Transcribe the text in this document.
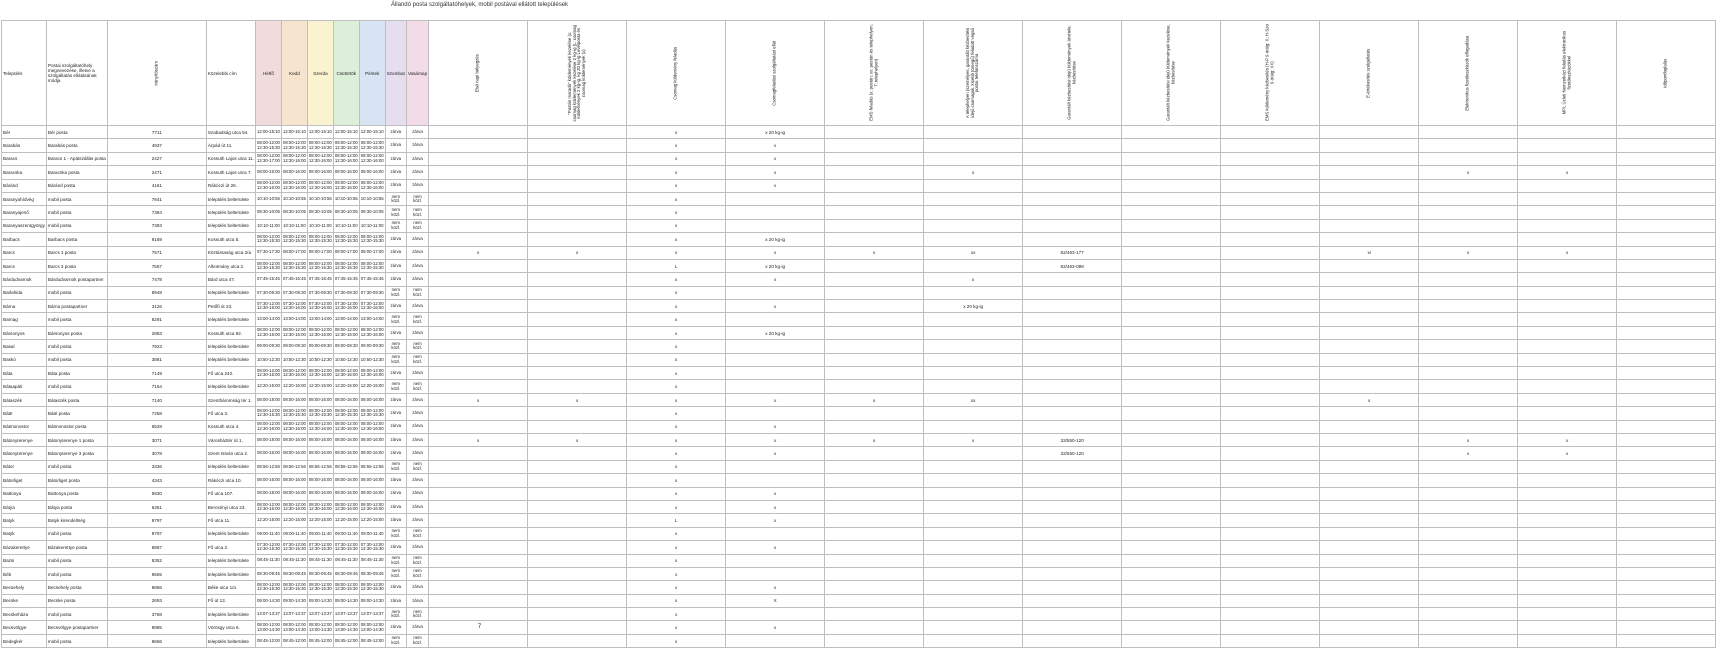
Állandó posta szolgáltatóhelyek, mobil postával ellátott települések
Település	Postai szolgáltatóhely megnevezése, illetve a szolgáltatás ellátásának módja	Irányítószám	Közelebbi cím	Hétfő	Kedd	Szerda	Csütörtök	Péntek	Szombat	Vasárnap	Első napi bélyegzés	"Postán maradó" küldemények kezelése (x: csomag küldemények kezelése 2 kg-ig (L: csomag küldemények 2 kg-ig, kg 20 kg-ig Levélposta és csomag küldemények (x)	Csomag küldemény feladás	Csomagfeladási szolgáltatást ellát	EMS feladás (x: postán; xx: postán és telephelyen; T: telephelyen)	A telephelyen (személyes, garantált kézbesítési idejű csomagok, kisebb tömegű) feladott végső postai telefonszáma	Garantált kézbesítési idejű küldemények átvétele, kézbesítése	Garantált kézbesítési idejű küldemények kezelése, kézbesítése	EMS küldemény kézbesítés (H-P 9 óráig: X; H-Szo 9 óráig: XX)	E-értékesítés szolgáltatás	Elektronikus fizetőeszközök elfogadása	MPL Üzleti Nemzetközi feladás elektronikus fizetőeszközökkel	Időpontfoglalás

Bér	Bér posta	7711	Szabadság utca 54.	12:00-15:10	12:00-15:10	12:00-15:10	12:00-15:10	12:00-15:10	zárva	zárva			x	x 20 kg-ig									
Barabás	Barabás posta	4937	Árpád út 11.	08:00-12:00
12:30-15:30	08:00-12:00
12:30-15:30	08:00-12:00
12:30-15:30	08:00-12:00
12:30-15:30	08:00-12:00
12:30-15:30	zárva	zárva			x	x									
Baracs	Baracs 1 - Apátszállás posta	2427	Kossuth Lajos utca 11.	08:00-12:00
12:30-17:00	08:00-12:00
12:30-16:00	08:00-12:00
12:30-16:00	08:00-12:00
12:30-16:00	08:00-12:00
12:30-16:00	zárva	zárva			x	x									
Baracska	Baracska posta	2471	Kossuth Lajos utca 7.	08:00-16:00	08:00-16:00	08:00-16:00	08:00-16:00	08:00-16:00	zárva	zárva			x	x		x					x	x	
Báránd	Báránd posta	4161	Rákóczi út 26.	08:00-12:00
12:30-16:00	08:00-12:00
12:30-16:00	08:00-12:00
12:30-16:00	08:00-12:00
12:30-16:00	08:00-12:00
12:30-16:00	zárva	zárva			x	x									
Baranyahídvég	mobil posta	7841	település belterülete	10:10-10:55	10:10-10:55	10:10-10:55	10:10-10:55	10:10-10:55	nem
közl.	nem
közl.			x										
Baranyajenő	mobil posta	7384	település belterülete	08:30-10:05	08:30-10:05	08:30-10:05	08:30-10:05	08:30-10:05	nem
közl.	nem
közl.			x										
Baranyaszentgyörgy	mobil posta	7383	település belterülete	10:10-11:00	10:10-11:00	10:10-11:00	10:10-11:00	10:10-11:00	nem
közl.	nem
közl.			x										
Barbacs	Barbacs posta	9169	Kossuth utca 5.	08:00-12:00
12:30-15:30	08:00-12:00
12:30-15:30	08:00-12:00
12:30-15:30	08:00-12:00
12:30-15:30	08:00-12:00
12:30-15:30	zárva	zárva			x	x 20 kg-ig									
Barcs	Barcs 1 posta	7571	Köztársaság utca 2/a	07:30-17:30	08:00-17:00	08:00-17:00	08:00-17:00	08:00-17:00	zárva	zárva	x	x	x	x	x	xx	82/463-177			xi	x	x	
Barcs	Barcs 3 posta	7557	Alkotmány utca 2.	08:00-12:00
12:30-15:30	08:00-12:00
12:30-15:30	08:00-12:00
12:30-15:30	08:00-12:00
12:30-15:30	08:00-12:00
12:30-15:30	zárva	zárva			L	x 20 kg-ig			82/463-098						
Bárdudvarnok	Bárdudvarnok postapartner	7478	Bárd utca 47.	07:45-15:45	07:45-15:45	07:45-15:45	07:45-15:45	07:45-15:45	zárva	zárva			x	x		x							
Barlahida	mobil posta	8948	település belterülete	07:30-09:30	07:30-09:30	07:30-09:30	07:30-09:30	07:30-09:30	nem
közl.	nem
közl.			x										
Bárna	Bárna postapartner	3126	Petőfi út 23.	07:30-12:00
12:30-16:00	07:30-12:00
12:30-16:00	07:30-12:00
12:30-16:00	07:30-12:00
12:30-16:00	07:30-12:00
12:30-16:00	zárva	zárva			x	x		x 20 kg-ig							
Barnag	mobil posta	8291	település belterülete	13:00-14:00	13:00-14:00	13:00-14:00	13:00-14:00	13:00-14:00	nem
közl.	nem
közl.			x										
Bársonyos	Bársonyos posta	2883	Kossuth utca 92.	08:00-12:00
12:30-16:00	08:00-12:00
12:30-16:00	08:00-12:00
12:30-16:00	08:00-12:00
12:30-16:00	08:00-12:00
12:30-16:00	zárva	zárva			x	x 20 kg-ig									
Basal	mobil posta	7923	település belterülete	09:00-09:30	09:00-09:30	09:00-09:30	09:00-09:30	09:00-09:30	nem
közl.	nem
közl.			x										
Baskó	mobil posta	3881	település belterülete	10:50-12:30	10:50-12:30	10:50-12:30	10:50-12:30	10:50-12:30	nem
közl.	nem
közl.			x										
Báta	Báta posta	7149	Fő utca 242.	08:00-12:00
12:30-16:00	08:00-12:00
12:30-16:00	08:00-12:00
12:30-16:00	08:00-12:00
12:30-16:00	08:00-12:00
12:30-16:00	zárva	zárva			x										
Bátaapáti	mobil posta	7164	település belterülete	12:20-15:00	12:20-15:00	12:20-15:00	12:20-15:00	12:20-15:00	nem
közl.	nem
közl.			x										
Bátaszék	Bátaszék posta	7140	Szentháromság tér 1.	08:00-18:00	08:00-16:00	08:00-16:00	08:00-16:00	08:00-16:00	zárva	zárva	x	x	x	x	x	xx				x			
Bátë	Báté posta	7258	Fő utca 3.	08:00-12:00
12:30-15:30	08:00-12:00
12:30-15:30	08:00-12:00
12:30-15:30	08:00-12:00
12:30-15:30	08:00-12:00
12:30-15:30	zárva	zárva			x										
Bátmonostor	Bátmonostor posta	6528	Kossuth utca 4.	08:00-12:00
12:30-16:00	08:00-12:00
12:30-16:00	08:00-12:00
12:30-16:00	08:00-12:00
12:30-16:00	08:00-12:00
12:30-16:00	zárva	zárva			x	x									
Bátonyterenye	Bátonyterenye 1 posta	3071	Városháztér út 1.	08:00-18:00	08:00-16:00	08:00-16:00	08:00-16:00	08:00-16:00	zárva	zárva	x	x	x	x	x	x	32/550-120				x	x	
Bátonyterenye	Bátonyterenye 3 posta	3078	Szent István utca 2.	08:00-16:00	08:00-16:00	08:00-16:00	08:00-16:00	08:00-16:00	zárva	zárva			x	x			32/550-120				x	x	
Bátor	mobil posta	3336	település belterülete	08:56-12:56	08:56-12:56	08:56-12:56	08:56-12:56	08:56-12:56	nem
közl.	nem
közl.			x										
Bátorliget	Bátorliget posta	4343	Rákóczi utca 10.	08:00-16:00	08:00-16:00	08:00-16:00	08:00-16:00	08:00-16:00	zárva	zárva			x										
Battonya	Battonya posta	5830	Fő utca 107.	08:00-18:00	08:00-16:00	08:00-16:00	08:00-16:00	08:00-16:00	zárva	zárva			x	x									
Bátya	Bátya posta	6351	Bercsényi utca 23.	08:00-12:00
12:30-16:00	08:00-12:00
12:30-16:00	08:00-12:00
12:30-16:00	08:00-12:00
12:30-16:00	08:00-12:00
12:30-16:00	zárva	zárva			x	x									
Batyk	Batyk kirendeltség	8797	Fő utca 11.	12:20-15:00	12:20-15:00	12:20-15:00	12:20-15:00	12:20-15:00	zárva	zárva			L	x									
Batyk	mobil posta	8797	település belterülete	09:00-11:40	09:00-11:40	09:00-11:40	09:00-11:40	09:00-11:40	nem
közl.	nem
közl.			x										
Bázakerettye	Bázakerettye posta	8887	Fő utca 2.	07:30-12:00
12:30-15:30	07:30-12:00
12:30-15:30	07:30-12:00
12:30-15:30	07:30-12:00
12:30-15:30	07:30-12:00
12:30-15:30	zárva	zárva			x	x									
Bazsi	mobil posta	8352	település belterülete	08:45-11:30	08:45-11:30	08:45-11:30	08:45-11:30	08:45-11:30	nem
közl.	nem
közl.			x										
Béb	mobil posta	8565	település belterülete	08:30-09:45	08:30-09:45	08:30-09:45	08:30-09:45	08:30-09:45	nem
közl.	nem
közl.			x										
Becsehely	Becsehely posta	8866	Béke utca 1/a	08:00-12:00
12:30-15:30	08:00-12:00
12:30-15:30	08:00-12:00
12:30-15:30	08:00-12:00
12:30-15:30	08:00-12:00
12:30-15:30	zárva	zárva			x	x									
Becske	Becske posta	2693	Fő út 13.	09:00-14:30	09:00-14:30	09:00-14:30	09:00-14:30	09:00-14:30	zárva	zárva			x	X									
Becskeháza	mobil posta	3768	település belterülete	13:07-13:37	13:07-13:37	13:07-13:37	13:07-13:37	13:07-13:37	nem
közl.	nem
közl.			x										
Becsvölgye	Becsvölgye postapartner	8985	Vörösgy utca 6.	08:00-12:00
13:00-14:30	08:00-12:00
13:00-14:30	08:00-12:00
13:00-14:30	08:00-12:00
13:00-14:30	08:00-12:00
13:00-14:30	zárva	zárva			x	x									
Bedegkér	mobil posta	8666	település belterülete	08:45-12:00	08:45-12:00	08:45-12:00	08:45-12:00	08:45-12:00	nem
közl.	nem
közl.			x										
7
